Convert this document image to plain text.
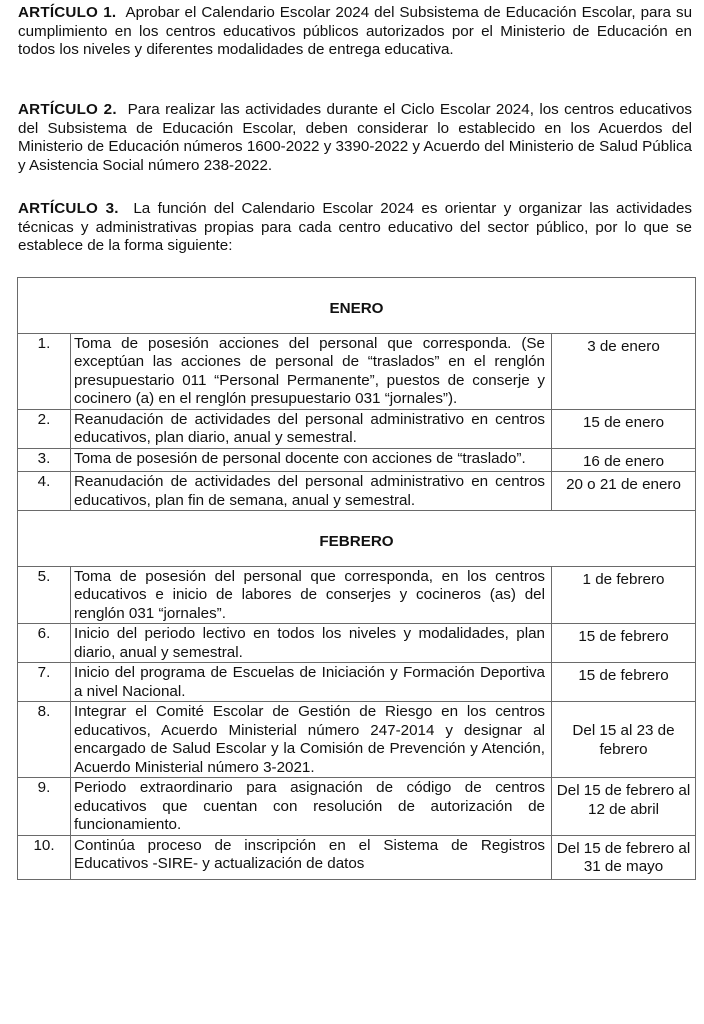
ARTÍCULO 1. Aprobar el Calendario Escolar 2024 del Subsistema de Educación Escolar, para su cumplimiento en los centros educativos públicos autorizados por el Ministerio de Educación en todos los niveles y diferentes modalidades de entrega educativa.

ARTÍCULO 2. Para realizar las actividades durante el Ciclo Escolar 2024, los centros educativos del Subsistema de Educación Escolar, deben considerar lo establecido en los Acuerdos del Ministerio de Educación números 1600-2022 y 3390-2022 y Acuerdo del Ministerio de Salud Pública y Asistencia Social número 238-2022.

ARTÍCULO 3. La función del Calendario Escolar 2024 es orientar y organizar las actividades técnicas y administrativas propias para cada centro educativo del sector público, por lo que se establece de la forma siguiente:

ENERO		
1.	Toma de posesión acciones del personal que corresponda. (Se exceptúan las acciones de personal de “traslados” en el renglón presupuestario 011 “Personal Permanente”, puestos de conserje y cocinero (a) en el renglón presupuestario 031 “jornales”).	3 de enero
2.	Reanudación de actividades del personal administrativo en centros educativos, plan diario, anual y semestral.	15 de enero
3.	Toma de posesión de personal docente con acciones de “traslado”.	16 de enero
4.	Reanudación de actividades del personal administrativo en centros educativos, plan fin de semana, anual y semestral.	20 o 21 de enero
FEBRERO		
5.	Toma de posesión del personal que corresponda, en los centros educativos e inicio de labores de conserjes y cocineros (as) del renglón 031 “jornales”.	1 de febrero
6.	Inicio del periodo lectivo en todos los niveles y modalidades, plan diario, anual y semestral.	15 de febrero
7.	Inicio del programa de Escuelas de Iniciación y Formación Deportiva a nivel Nacional.	15 de febrero
8.	Integrar el Comité Escolar de Gestión de Riesgo en los centros educativos, Acuerdo Ministerial número 247-2014 y designar al encargado de Salud Escolar y la Comisión de Prevención y Atención, Acuerdo Ministerial número 3-2021.	Del 15 al 23 de febrero
9.	Periodo extraordinario para asignación de código de centros educativos que cuentan con resolución de autorización de funcionamiento.	Del 15 de febrero al 12 de abril
10.	Continúa proceso de inscripción en el Sistema de Registros Educativos -SIRE- y actualización de datos	Del 15 de febrero al 31 de mayo
